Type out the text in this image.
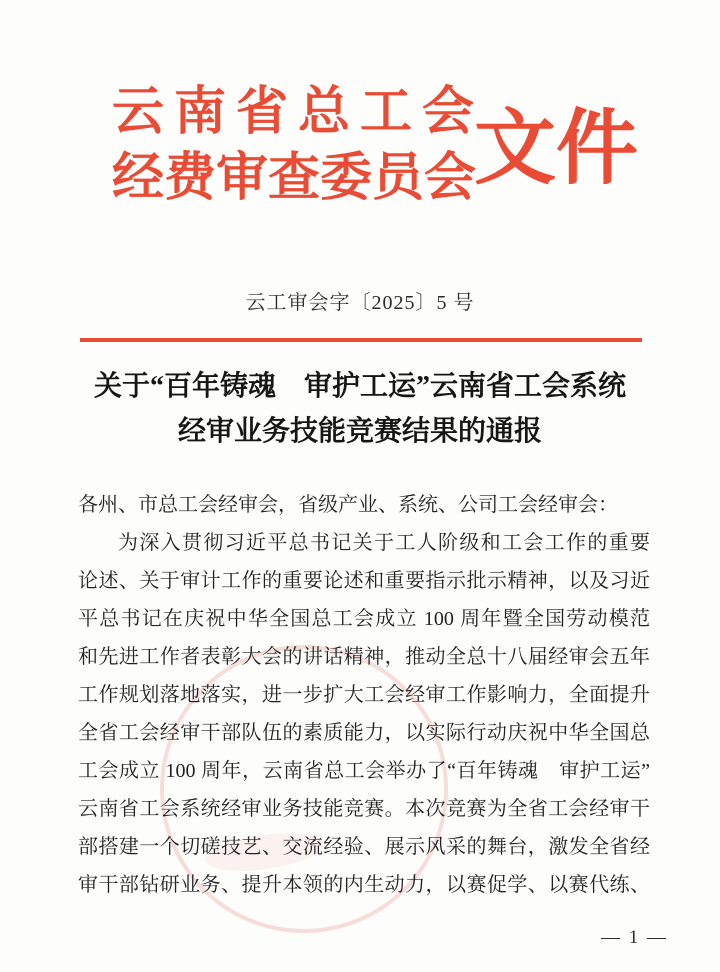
云南省总工会
经费审查委员会
文件
云工审会字〔2025〕5 号
关于“百年铸魂　审护工运”云南省工会系统
经审业务技能竞赛结果的通报
各州、市总工会经审会，省级产业、系统、公司工会经审会：
为深入贯彻习近平总书记关于工人阶级和工会工作的重要
论述、关于审计工作的重要论述和重要指示批示精神，以及习近
平总书记在庆祝中华全国总工会成立 100 周年暨全国劳动模范
和先进工作者表彰大会的讲话精神，推动全总十八届经审会五年
工作规划落地落实，进一步扩大工会经审工作影响力，全面提升
全省工会经审干部队伍的素质能力，以实际行动庆祝中华全国总
工会成立 100 周年，云南省总工会举办了“百年铸魂　审护工运”
云南省工会系统经审业务技能竞赛。本次竞赛为全省工会经审干
部搭建一个切磋技艺、交流经验、展示风采的舞台，激发全省经
审干部钻研业务、提升本领的内生动力，以赛促学、以赛代练、
— 1 —
